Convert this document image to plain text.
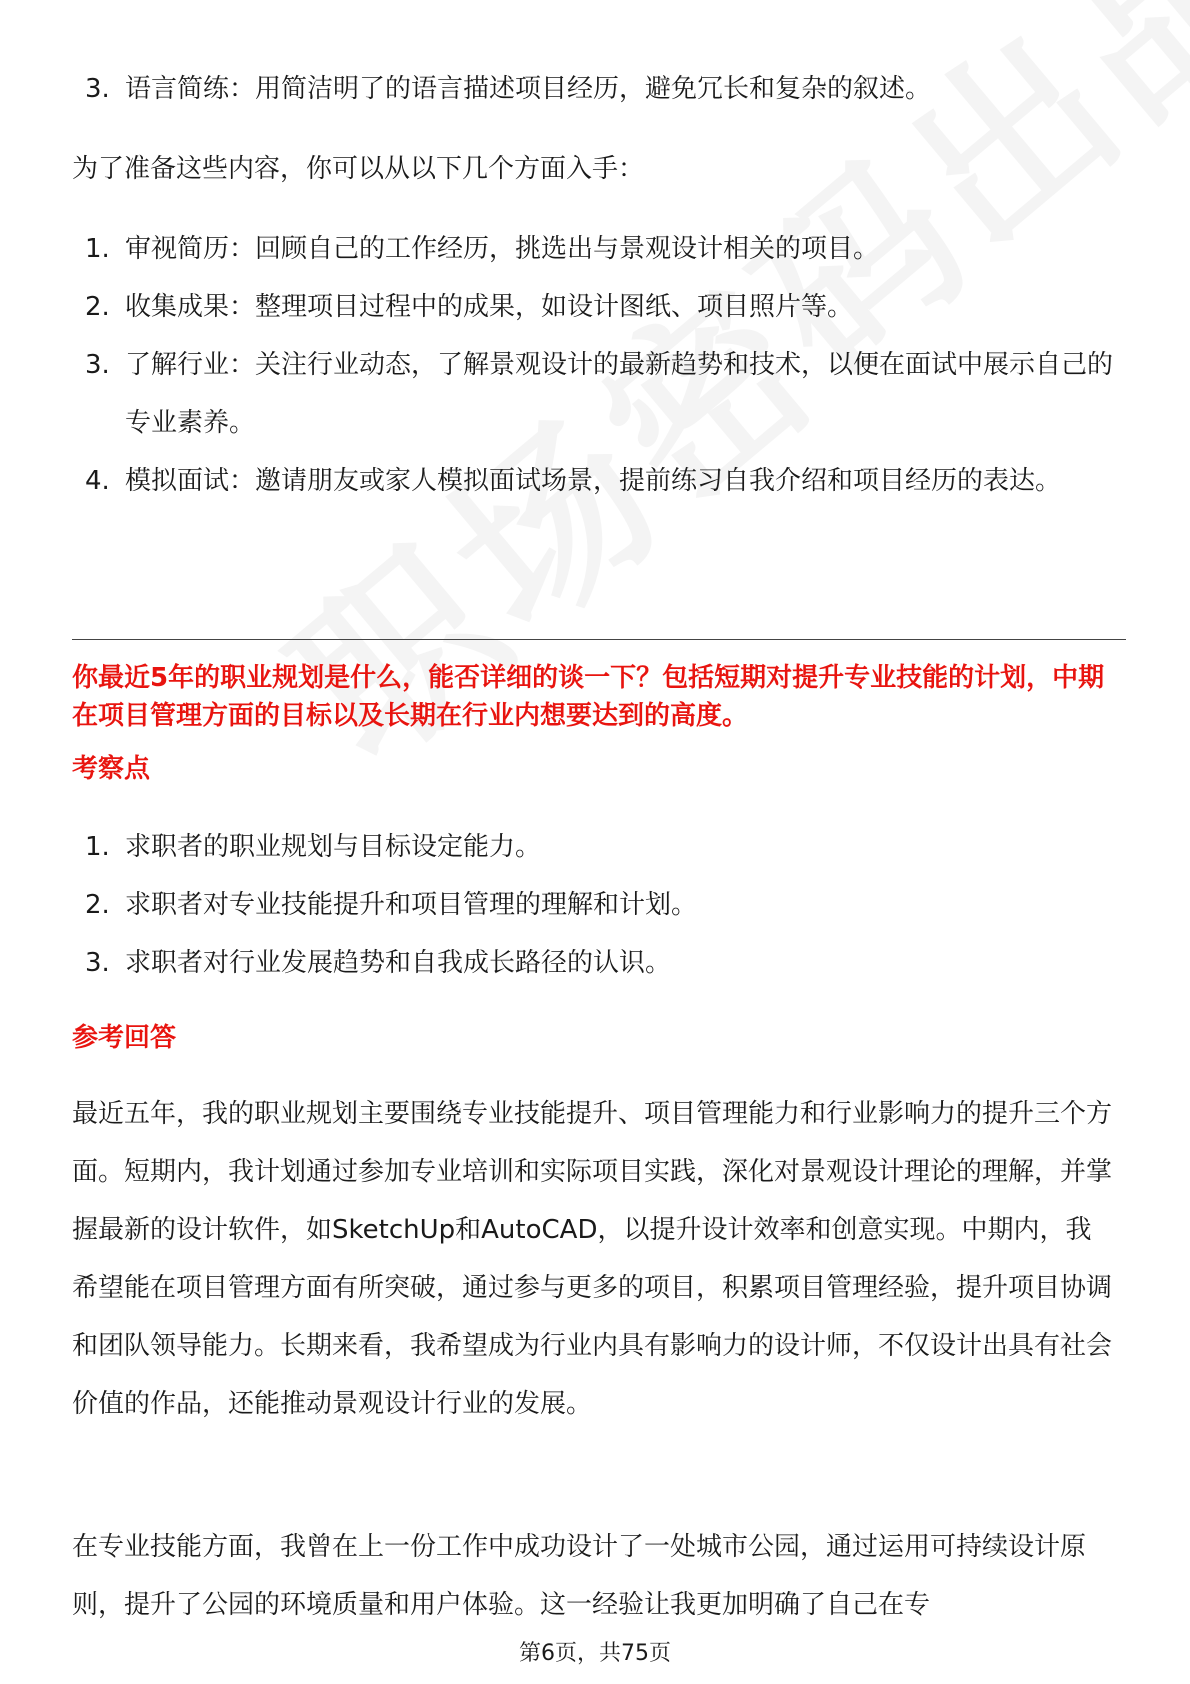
3. 语言简练：用简洁明了的语言描述项目经历，避免冗长和复杂的叙述。
为了准备这些内容，你可以从以下几个方面入手：
1. 审视简历：回顾自己的工作经历，挑选出与景观设计相关的项目。
2. 收集成果：整理项目过程中的成果，如设计图纸、项目照片等。
3. 了解行业：关注行业动态，了解景观设计的最新趋势和技术，以便在面试中展示自己的专业素养。
4. 模拟面试：邀请朋友或家人模拟面试场景，提前练习自我介绍和项目经历的表达。
你最近5年的职业规划是什么，能否详细的谈一下？包括短期对提升专业技能的计划，中期在项目管理方面的目标以及长期在行业内想要达到的高度。
考察点
1. 求职者的职业规划与目标设定能力。
2. 求职者对专业技能提升和项目管理的理解和计划。
3. 求职者对行业发展趋势和自我成长路径的认识。
参考回答
最近五年，我的职业规划主要围绕专业技能提升、项目管理能力和行业影响力的提升三个方面。短期内，我计划通过参加专业培训和实际项目实践，深化对景观设计理论的理解，并掌握最新的设计软件，如SketchUp和AutoCAD，以提升设计效率和创意实现。中期内，我希望能在项目管理方面有所突破，通过参与更多的项目，积累项目管理经验，提升项目协调和团队领导能力。长期来看，我希望成为行业内具有影响力的设计师，不仅设计出具有社会价值的作品，还能推动景观设计行业的发展。
在专业技能方面，我曾在上一份工作中成功设计了一处城市公园，通过运用可持续设计原则，提升了公园的环境质量和用户体验。这一经验让我更加明确了自己在专
第6页，共75页
